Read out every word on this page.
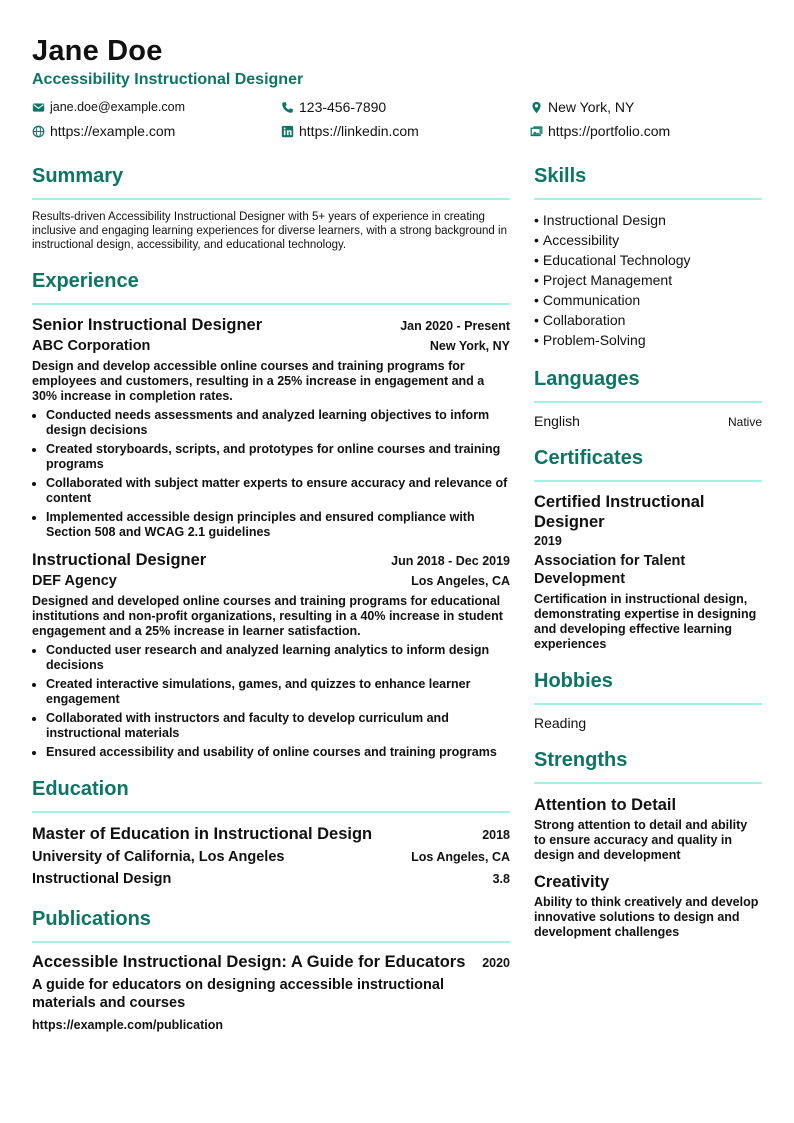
Jane Doe
Accessibility Instructional Designer
jane.doe@example.com	123-456-7890	New York, NY
https://example.com	https://linkedin.com	https://portfolio.com
Summary

Results-driven Accessibility Instructional Designer with 5+ years of experience in creating inclusive and engaging learning experiences for diverse learners, with a strong background in instructional design, accessibility, and educational technology.

Experience
Senior Instructional Designer	Jan 2020 - Present
ABC Corporation	New York, NY
Design and develop accessible online courses and training programs for employees and customers, resulting in a 25% increase in engagement and a 30% increase in completion rates.
• Conducted needs assessments and analyzed learning objectives to inform design decisions
• Created storyboards, scripts, and prototypes for online courses and training programs
• Collaborated with subject matter experts to ensure accuracy and relevance of content
• Implemented accessible design principles and ensured compliance with Section 508 and WCAG 2.1 guidelines
Instructional Designer	Jun 2018 - Dec 2019
DEF Agency	Los Angeles, CA
Designed and developed online courses and training programs for educational institutions and non-profit organizations, resulting in a 40% increase in student engagement and a 25% increase in learner satisfaction.
• Conducted user research and analyzed learning analytics to inform design decisions
• Created interactive simulations, games, and quizzes to enhance learner engagement
• Collaborated with instructors and faculty to develop curriculum and instructional materials
• Ensured accessibility and usability of online courses and training programs
Education
Master of Education in Instructional Design	2018
University of California, Los Angeles	Los Angeles, CA
Instructional Design	3.8
Publications
Accessible Instructional Design: A Guide for Educators 2020
A guide for educators on designing accessible instructional materials and courses
https://example.com/publication
Skills
• Instructional Design
• Accessibility
• Educational Technology
• Project Management
• Communication
• Collaboration
• Problem-Solving
Languages
English	Native
Certificates
Certified Instructional Designer
2019
Association for Talent Development
Certification in instructional design, demonstrating expertise in designing and developing effective learning experiences
Hobbies
Reading
Strengths
Attention to Detail
Strong attention to detail and ability to ensure accuracy and quality in design and development
Creativity
Ability to think creatively and develop innovative solutions to design and development challenges
